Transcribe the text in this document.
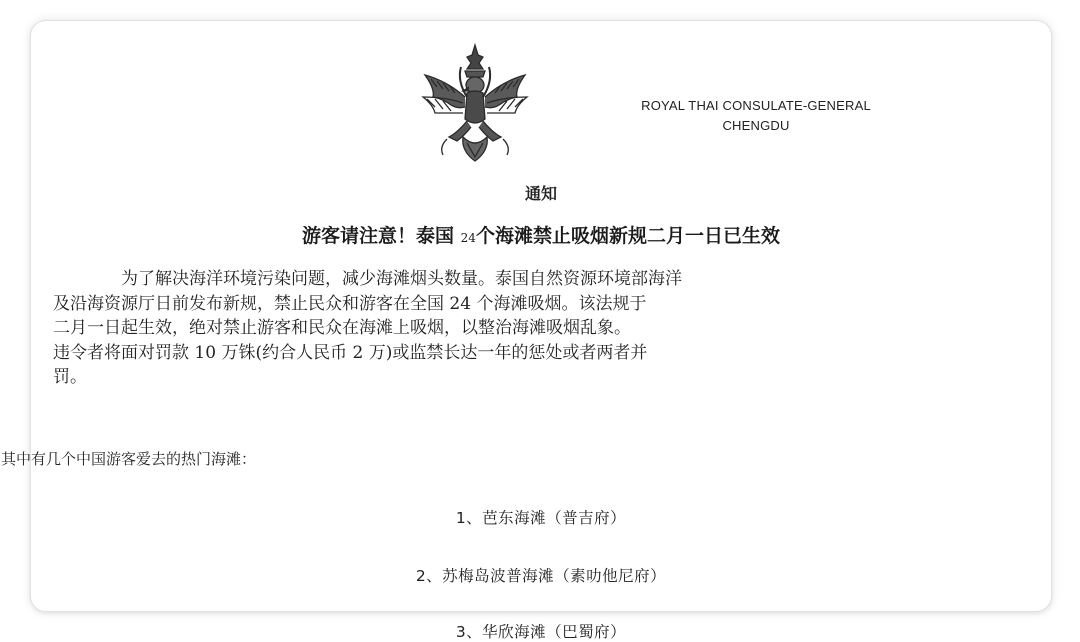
ROYAL THAI CONSULATE-GENERAL
CHENGDU
通知
游客请注意！泰国 24个海滩禁止吸烟新规二月一日已生效
为了解决海洋环境污染问题，减少海滩烟头数量。泰国自然资源环境部海洋
及沿海资源厅日前发布新规，禁止民众和游客在全国 24 个海滩吸烟。该法规于
二月一日起生效，绝对禁止游客和民众在海滩上吸烟，以整治海滩吸烟乱象。
违令者将面对罚款 10 万铢(约合人民币 2 万)或监禁长达一年的惩处或者两者并
罚。
其中有几个中国游客爱去的热门海滩：
1、芭东海滩（普吉府）
2、苏梅岛波普海滩（素叻他尼府）
3、华欣海滩（巴蜀府）
